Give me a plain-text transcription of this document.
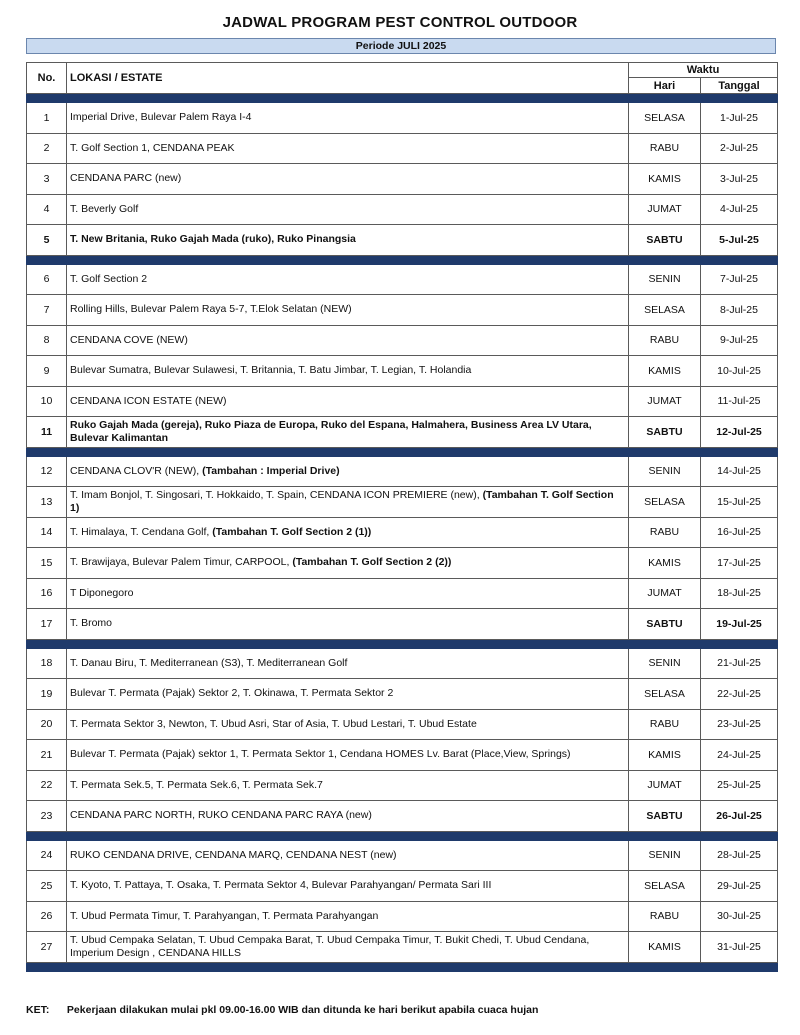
JADWAL PROGRAM PEST CONTROL OUTDOOR
Periode JULI 2025
No.	LOKASI / ESTATE	Waktu	
		Hari	Tanggal

1	Imperial Drive, Bulevar Palem Raya I-4	SELASA	1-Jul-25
2	T. Golf Section 1, CENDANA PEAK	RABU	2-Jul-25
3	CENDANA PARC (new)	KAMIS	3-Jul-25
4	T. Beverly Golf	JUMAT	4-Jul-25
5	T. New Britania, Ruko Gajah Mada (ruko), Ruko Pinangsia	SABTU	5-Jul-25

6	T. Golf Section 2	SENIN	7-Jul-25
7	Rolling Hills, Bulevar Palem Raya 5-7, T.Elok Selatan (NEW)	SELASA	8-Jul-25
8	CENDANA COVE (NEW)	RABU	9-Jul-25
9	Bulevar Sumatra, Bulevar Sulawesi, T. Britannia, T. Batu Jimbar, T. Legian, T. Holandia	KAMIS	10-Jul-25
10	CENDANA ICON ESTATE (NEW)	JUMAT	11-Jul-25
11	Ruko Gajah Mada (gereja), Ruko Piaza de Europa, Ruko del Espana, Halmahera, Business Area LV Utara, Bulevar Kalimantan	SABTU	12-Jul-25

12	CENDANA CLOV'R (NEW), (Tambahan : Imperial Drive)	SENIN	14-Jul-25
13	T. Imam Bonjol, T. Singosari, T. Hokkaido, T. Spain, CENDANA ICON PREMIERE (new), (Tambahan T. Golf Section 1)	SELASA	15-Jul-25
14	T. Himalaya, T. Cendana Golf, (Tambahan T. Golf Section 2 (1))	RABU	16-Jul-25
15	T. Brawijaya, Bulevar Palem Timur, CARPOOL, (Tambahan T. Golf Section 2 (2))	KAMIS	17-Jul-25
16	T Diponegoro	JUMAT	18-Jul-25
17	T. Bromo	SABTU	19-Jul-25

18	T. Danau Biru, T. Mediterranean (S3), T. Mediterranean Golf	SENIN	21-Jul-25
19	Bulevar T. Permata (Pajak) Sektor 2, T. Okinawa, T. Permata Sektor 2	SELASA	22-Jul-25
20	T. Permata Sektor 3, Newton, T. Ubud Asri, Star of Asia, T. Ubud Lestari, T. Ubud Estate	RABU	23-Jul-25
21	Bulevar T. Permata (Pajak) sektor 1, T. Permata Sektor 1, Cendana HOMES Lv. Barat (Place,View, Springs)	KAMIS	24-Jul-25
22	T. Permata Sek.5, T. Permata Sek.6, T. Permata Sek.7	JUMAT	25-Jul-25
23	CENDANA PARC NORTH, RUKO CENDANA PARC RAYA (new)	SABTU	26-Jul-25

24	RUKO CENDANA DRIVE, CENDANA MARQ, CENDANA NEST (new)	SENIN	28-Jul-25
25	T. Kyoto, T. Pattaya, T. Osaka, T. Permata Sektor 4, Bulevar Parahyangan/ Permata Sari III	SELASA	29-Jul-25
26	T. Ubud Permata Timur, T. Parahyangan, T. Permata Parahyangan	RABU	30-Jul-25
27	T. Ubud Cempaka Selatan, T. Ubud Cempaka Barat, T. Ubud Cempaka Timur, T. Bukit Chedi, T. Ubud Cendana, Imperium Design , CENDANA HILLS	KAMIS	31-Jul-25

KET: Pekerjaan dilakukan mulai pkl 09.00-16.00 WIB dan ditunda ke hari berikut apabila cuaca hujan
